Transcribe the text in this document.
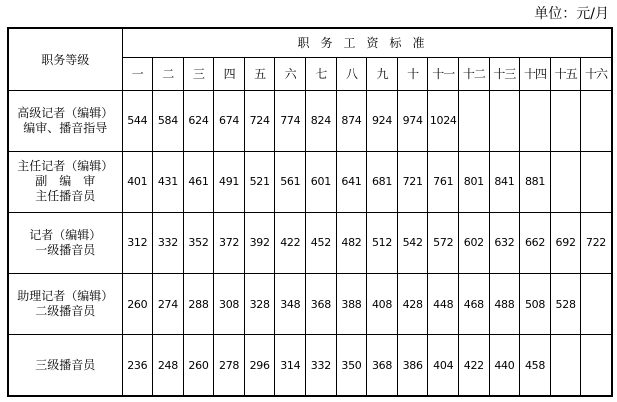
单位：元/月
职务等级	职务工资标准															
	一	二	三	四	五	六	七	八	九	十	十一	十二	十三	十四	十五	十六

高级记者（编辑）
编审、播音指导	544	584	624	674	724	774	824	874	924	974	1024					

主任记者（编辑）
副　编　审
主任播音员	401	431	461	491	521	561	601	641	681	721	761	801	841	881		

记者（编辑）
一级播音员	312	332	352	372	392	422	452	482	512	542	572	602	632	662	692	722

助理记者（编辑）
二级播音员	260	274	288	308	328	348	368	388	408	428	448	468	488	508	528	

三级播音员	236	248	260	278	296	314	332	350	368	386	404	422	440	458		
